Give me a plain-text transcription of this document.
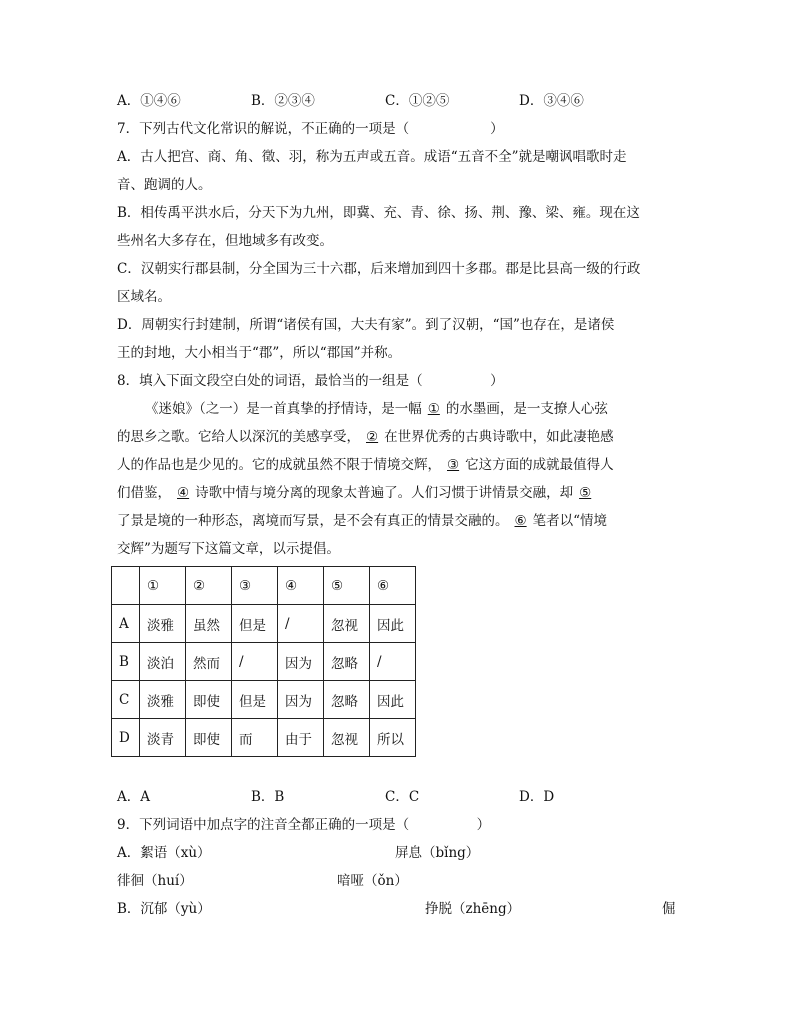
A．①④⑥	B．②③④	C．①②⑤	D．③④⑥
7．下列古代文化常识的解说，不正确的一项是（　　　　　　）
A．古人把宫、商、角、徵、羽，称为五声或五音。成语“五音不全”就是嘲讽唱歌时走
音、跑调的人。
B．相传禹平洪水后，分天下为九州，即冀、充、青、徐、扬、荆、豫、梁、雍。现在这
些州名大多存在，但地域多有改变。
C．汉朝实行郡县制，分全国为三十六郡，后来增加到四十多郡。郡是比县高一级的行政
区域名。
D．周朝实行封建制，所谓“诸侯有国，大夫有家”。到了汉朝，“国”也存在，是诸侯
王的封地，大小相当于“郡”，所以“郡国”并称。
8．填入下面文段空白处的词语，最恰当的一组是（　　　　　）
《迷娘》（之一）是一首真挚的抒情诗，是一幅 ① 的水墨画，是一支撩人心弦
的思乡之歌。它给人以深沉的美感享受， ② 在世界优秀的古典诗歌中，如此凄艳感
人的作品也是少见的。它的成就虽然不限于情境交辉， ③ 它这方面的成就最值得人
们借鉴， ④ 诗歌中情与境分离的现象太普遍了。人们习惯于讲情景交融，却 ⑤
了景是境的一种形态，离境而写景，是不会有真正的情景交融的。 ⑥ 笔者以“情境
交辉”为题写下这篇文章，以示提倡。
	①	②	③	④	⑤	⑥
A	淡雅	虽然	但是	/	忽视	因此
B	淡泊	然而	/	因为	忽略	/
C	淡雅	即使	但是	因为	忽略	因此
D	淡青	即使	而	由于	忽视	所以
A．A	B．B	C．C	D．D
9．下列词语中加点字的注音全都正确的一项是（　　　　　）
A．絮语（xù）	屏息（bǐng）
徘徊（huí）	喑哑（ǒn）
B．沉郁（yù）	挣脱（zhēng）	倔
